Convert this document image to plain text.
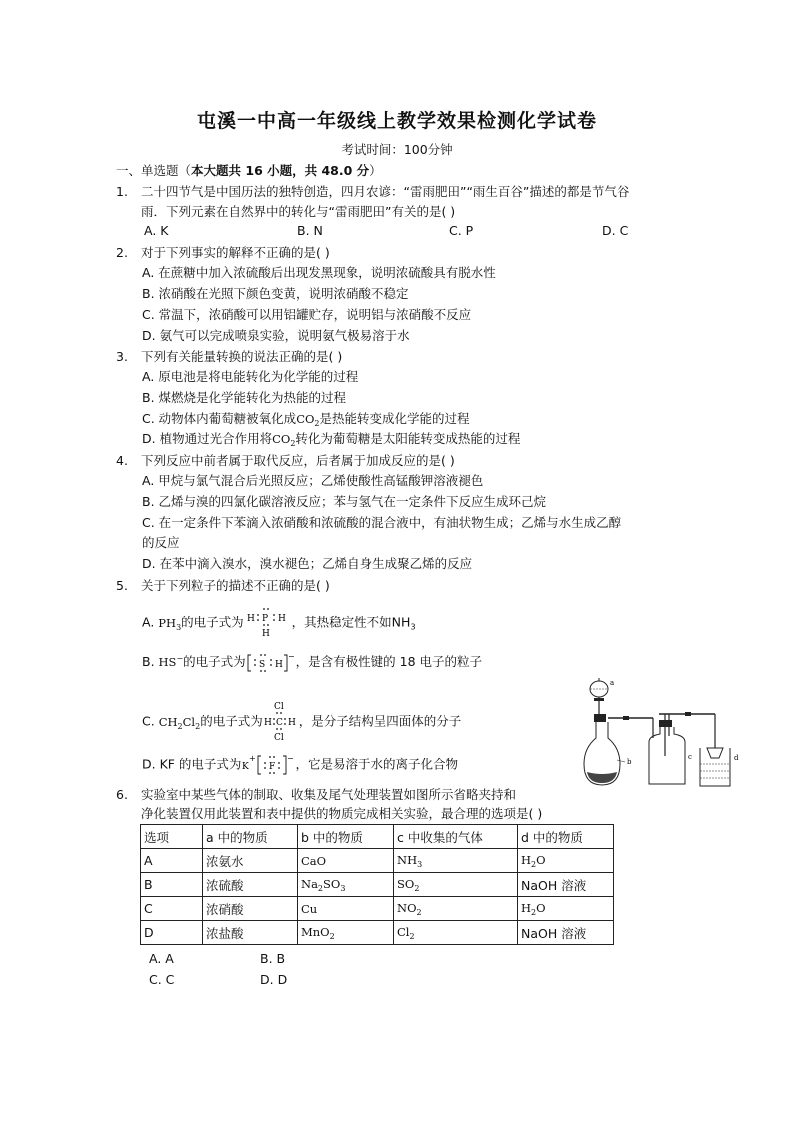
屯溪一中高一年级线上教学效果检测化学试卷
考试时间：100分钟
一、单选题（本大题共 16 小题，共 48.0 分）
1. 二十四节气是中国历法的独特创造，四月农谚：“雷雨肥田”“雨生百谷”描述的都是节气谷
雨．下列元素在自然界中的转化与“雷雨肥田”有关的是( )
A. K	B. N	C. P	D. C
2. 对于下列事实的解释不正确的是( )
A. 在蔗糖中加入浓硫酸后出现发黑现象，说明浓硫酸具有脱水性
B. 浓硝酸在光照下颜色变黄，说明浓硝酸不稳定
C. 常温下，浓硝酸可以用铝罐贮存，说明铝与浓硝酸不反应
D. 氨气可以完成喷泉实验，说明氨气极易溶于水
3. 下列有关能量转换的说法正确的是( )
A. 原电池是将电能转化为化学能的过程
B. 煤燃烧是化学能转化为热能的过程
C. 动物体内葡萄糖被氧化成$CO_2$是热能转变成化学能的过程
D. 植物通过光合作用将$CO_2$转化为葡萄糖是太阳能转变成热能的过程
4. 下列反应中前者属于取代反应，后者属于加成反应的是( )
A. 甲烷与氯气混合后光照反应；乙烯使酸性高锰酸钾溶液褪色
B. 乙烯与溴的四氯化碳溶液反应；苯与氢气在一定条件下反应生成环己烷
C. 在一定条件下苯滴入浓硝酸和浓硫酸的混合液中，有油状物生成；乙烯与水生成乙醇
的反应
D. 在苯中滴入溴水，溴水褪色；乙烯自身生成聚乙烯的反应
5. 关于下列粒子的描述不正确的是( )
A. $PH_3$的电子式为 H P H
H
，其热稳定性不如$NH_3$
B. HS−的电子式为 S H
− ，是含有极性键的 18 电子的粒子
C. $CH_2Cl_2$的电子式为
Cl
H C H
Cl
，是分子结构呈四面体的分子
D. KF 的电子式为 K
+
F
− ，它是易溶于水的离子化合物
a
b
c	d
6. 实验室中某些气体的制取、收集及尾气处理装置如图所示省略夹持和
净化装置仅用此装置和表中提供的物质完成相关实验，最合理的选项是( )
选项	a 中的物质	b 中的物质	c 中收集的气体	d 中的物质
A	浓氨水	CaO	$NH_3$	$H_2O$
B	浓硫酸	$Na_2SO_3$	$SO_2$	NaOH 溶液
C	浓硝酸	Cu	$NO_2$	$H_2O$
D	浓盐酸	MnO$_2$	$Cl_2$	NaOH 溶液
A. A	B. B
C. C	D. D
